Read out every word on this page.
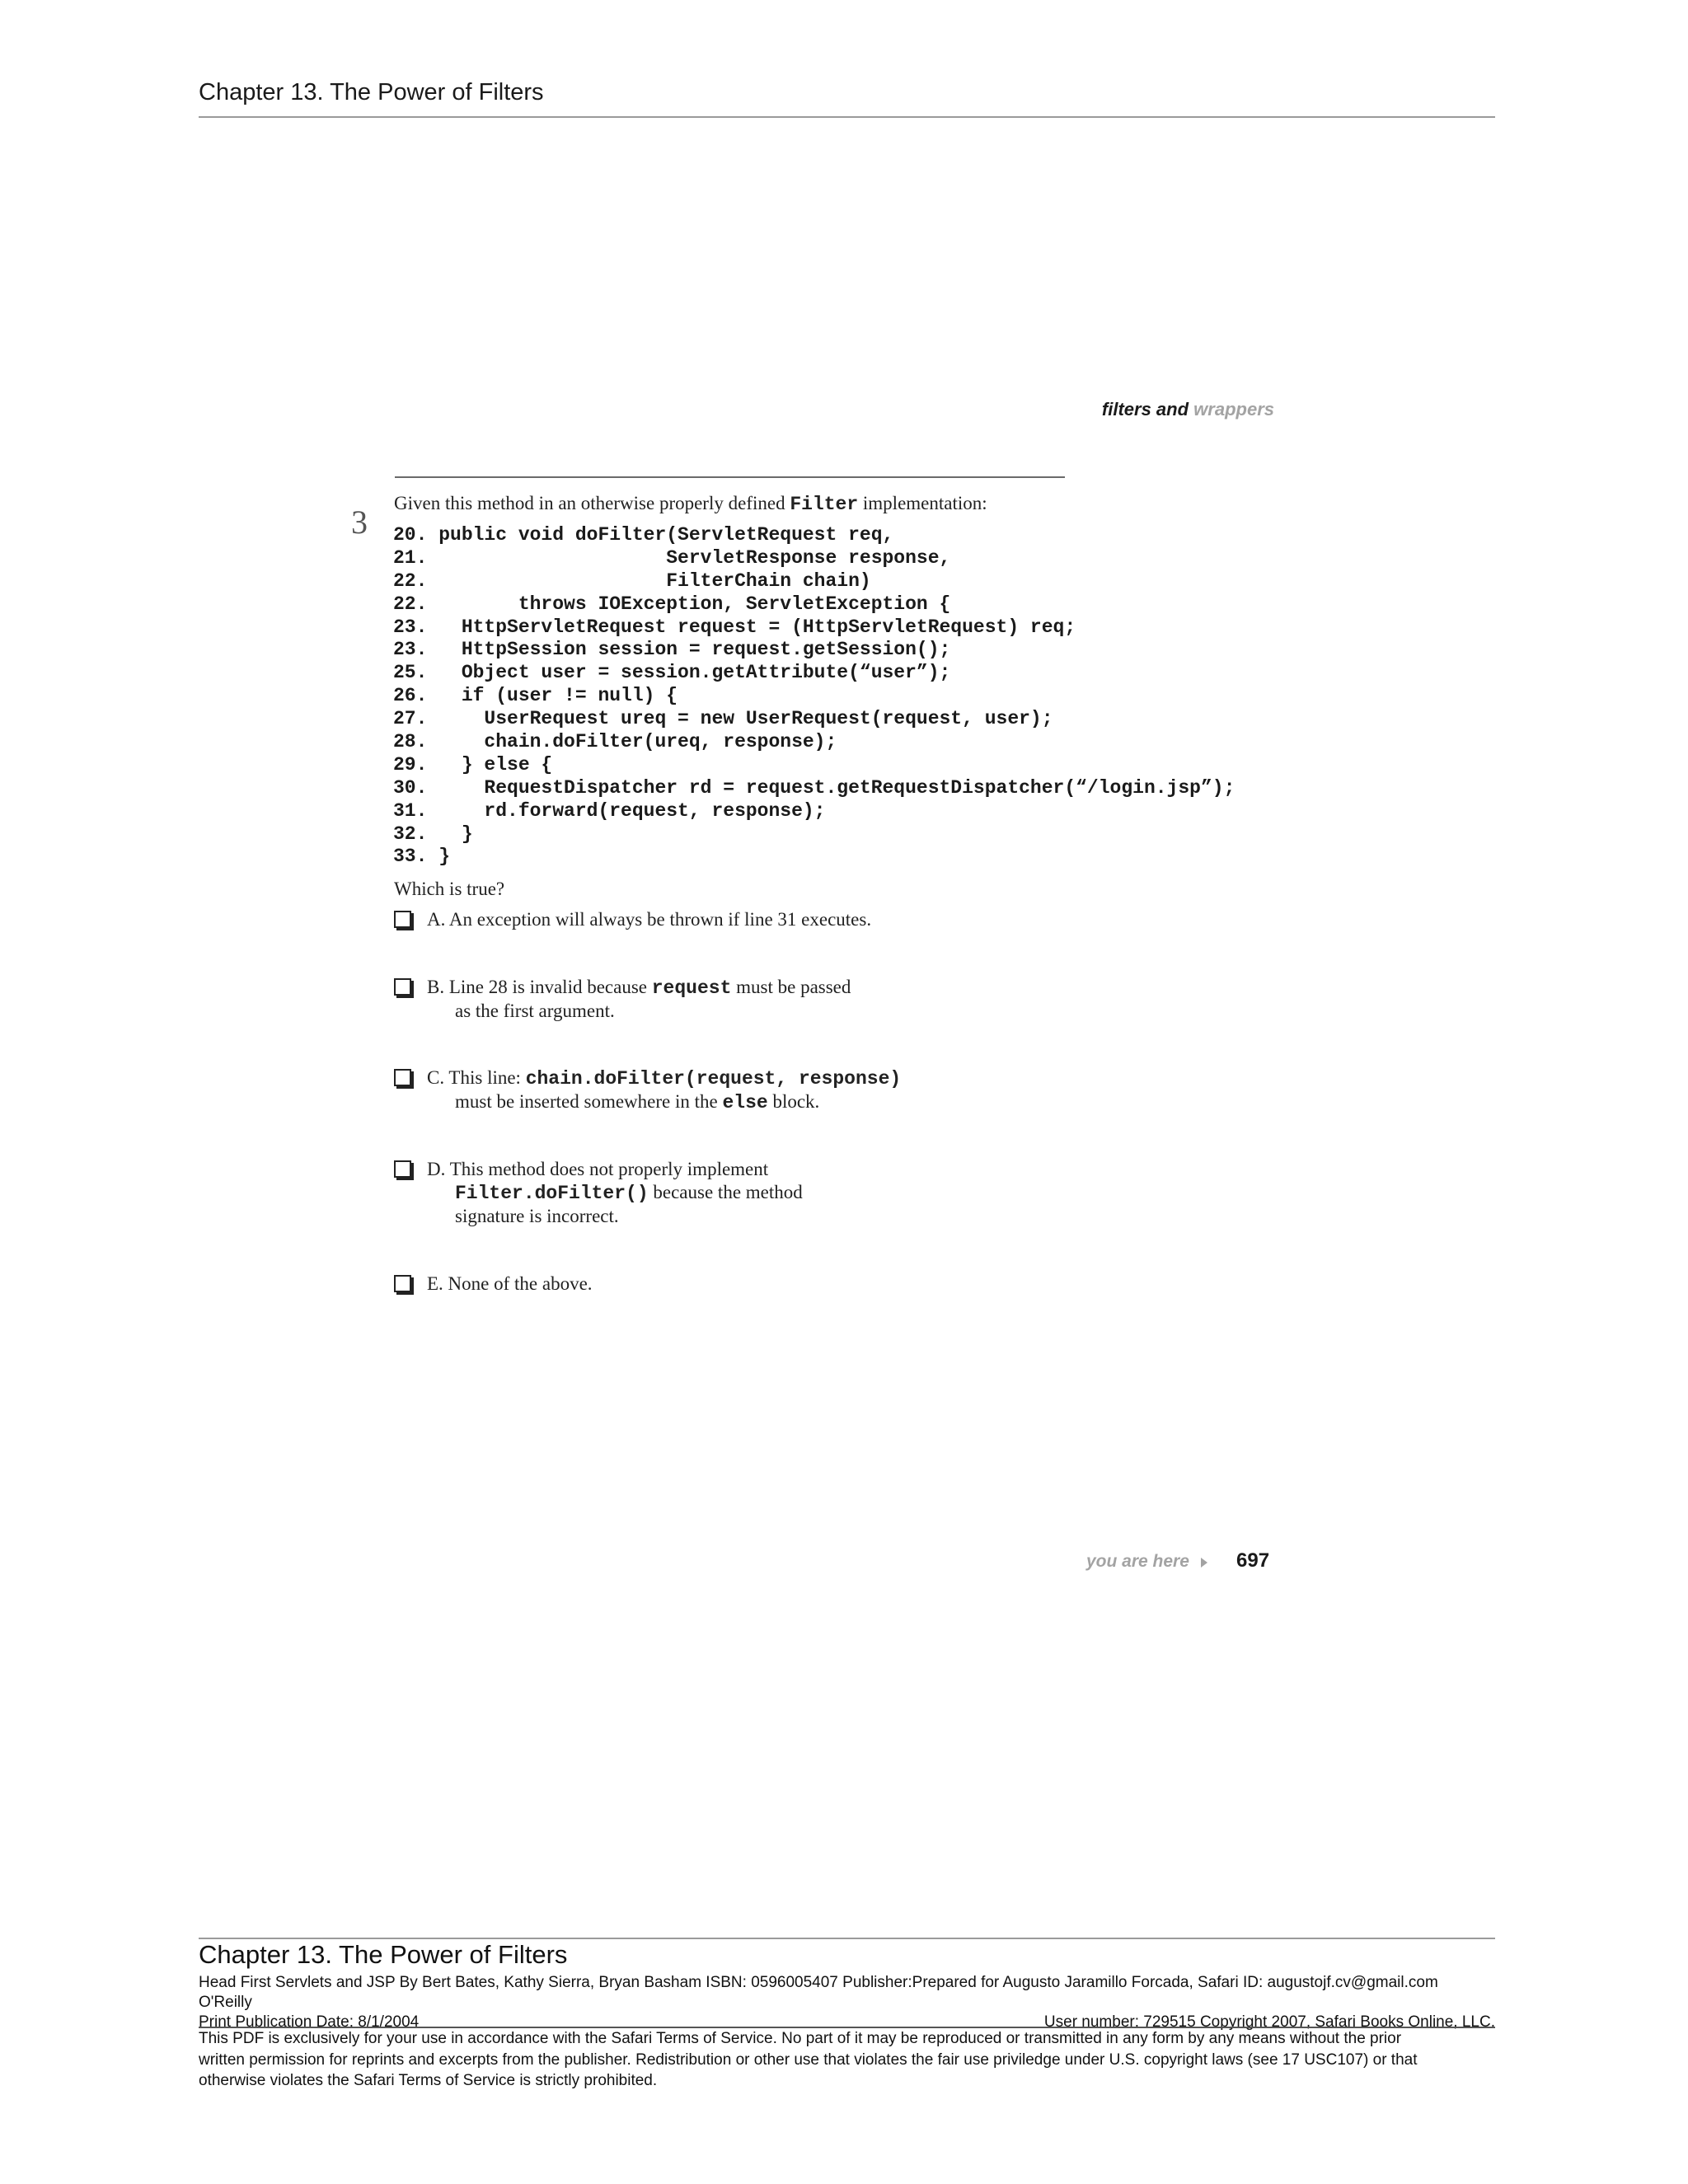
Chapter 13. The Power of Filters
filters and wrappers
3
Given this method in an otherwise properly defined Filter implementation:
20. public void doFilter(ServletRequest req,
21.                     ServletResponse response,
22.                     FilterChain chain)
22.        throws IOException, ServletException {
23.   HttpServletRequest request = (HttpServletRequest) req;
23.   HttpSession session = request.getSession();
25.   Object user = session.getAttribute(“user”);
26.   if (user != null) {
27.     UserRequest ureq = new UserRequest(request, user);
28.     chain.doFilter(ureq, response);
29.   } else {
30.     RequestDispatcher rd = request.getRequestDispatcher(“/login.jsp”);
31.     rd.forward(request, response);
32.   }
33. }
Which is true?
A. An exception will always be thrown if line 31 executes.
B. Line 28 is invalid because request must be passed
as the first argument.
C. This line: chain.doFilter(request, response)
must be inserted somewhere in the else block.
D. This method does not properly implement
Filter.doFilter() because the method
signature is incorrect.
E. None of the above.
you are here 697
Chapter 13. The Power of Filters
Head First Servlets and JSP By Bert Bates, Kathy Sierra, Bryan Basham ISBN: 0596005407 Publisher:Prepared for Augusto Jaramillo Forcada, Safari ID: augustojf.cv@gmail.com
O'Reilly
Print Publication Date: 8/1/2004	User number: 729515 Copyright 2007, Safari Books Online, LLC.
This PDF is exclusively for your use in accordance with the Safari Terms of Service. No part of it may be reproduced or transmitted in any form by any means without the prior
written permission for reprints and excerpts from the publisher. Redistribution or other use that violates the fair use priviledge under U.S. copyright laws (see 17 USC107) or that
otherwise violates the Safari Terms of Service is strictly prohibited.
